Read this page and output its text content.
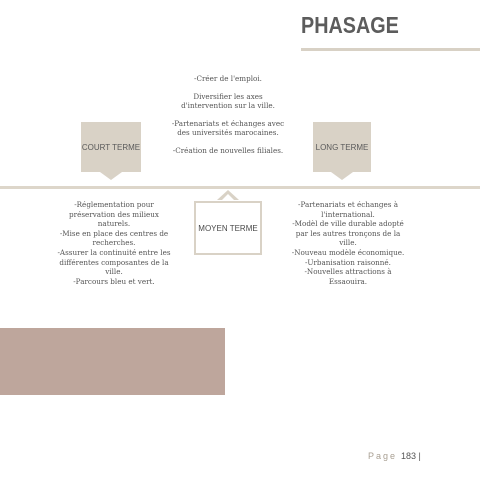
PHASAGE

-Créer de l'emploi.

Diversifier les axes d'intervention sur la ville.

-Partenariats et échanges avec des universités marocaines.

-Création de nouvelles filiales.

COURT TERME	LONG TERME
MOYEN TERME

-Réglementation pour préservation des milieux naturels.

-Mise en place des centres de recherches.

-Assurer la continuité entre les différentes composantes de la ville.

-Parcours bleu et vert.

-Partenariats et échanges à l'international.

-Modèl de ville durable adopté par les autres tronçons de la ville.

-Nouveau modèle économique.

-Urbanisation raisonné.

-Nouvelles attractions à Essaouira.

Page 183 |
